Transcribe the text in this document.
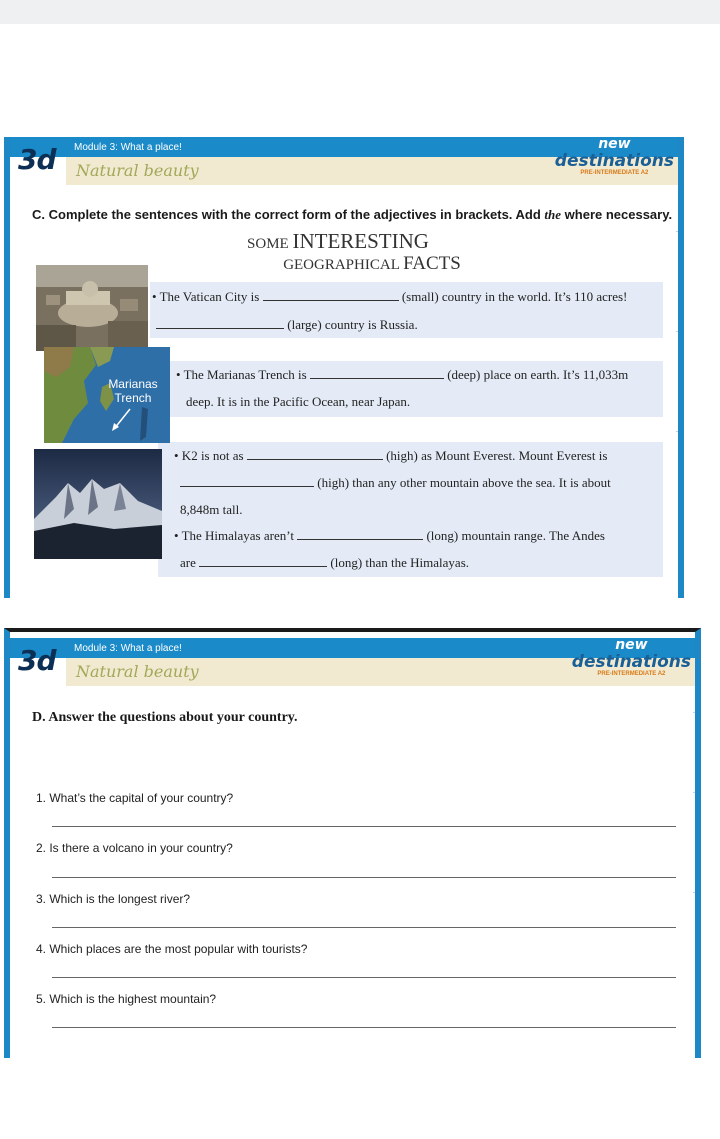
3d Module 3: What a place!
Natural beauty
new
destinations
PRE-INTERMEDIATE A2
C. Complete the sentences with the correct form of the adjectives in brackets. Add the where necessary.
SOME INTERESTING
GEOGRAPHICAL FACTS
Marianas
Trench
• The Vatican City is	(small) country in the world. It’s 110 acres!
(large) country is Russia.
• The Marianas Trench is	(deep) place on earth. It’s 11,033m
deep. It is in the Pacific Ocean, near Japan.
• K2 is not as	(high) as Mount Everest. Mount Everest is
(high) than any other mountain above the sea. It is about
8,848m tall.
• The Himalayas aren’t	(long) mountain range. The Andes
are	(long) than the Himalayas.
3d Module 3: What a place!
Natural beauty
new
destinations
PRE-INTERMEDIATE A2
D. Answer the questions about your country.
1. What’s the capital of your country?
2. Is there a volcano in your country?
3. Which is the longest river?
4. Which places are the most popular with tourists?
5. Which is the highest mountain?
